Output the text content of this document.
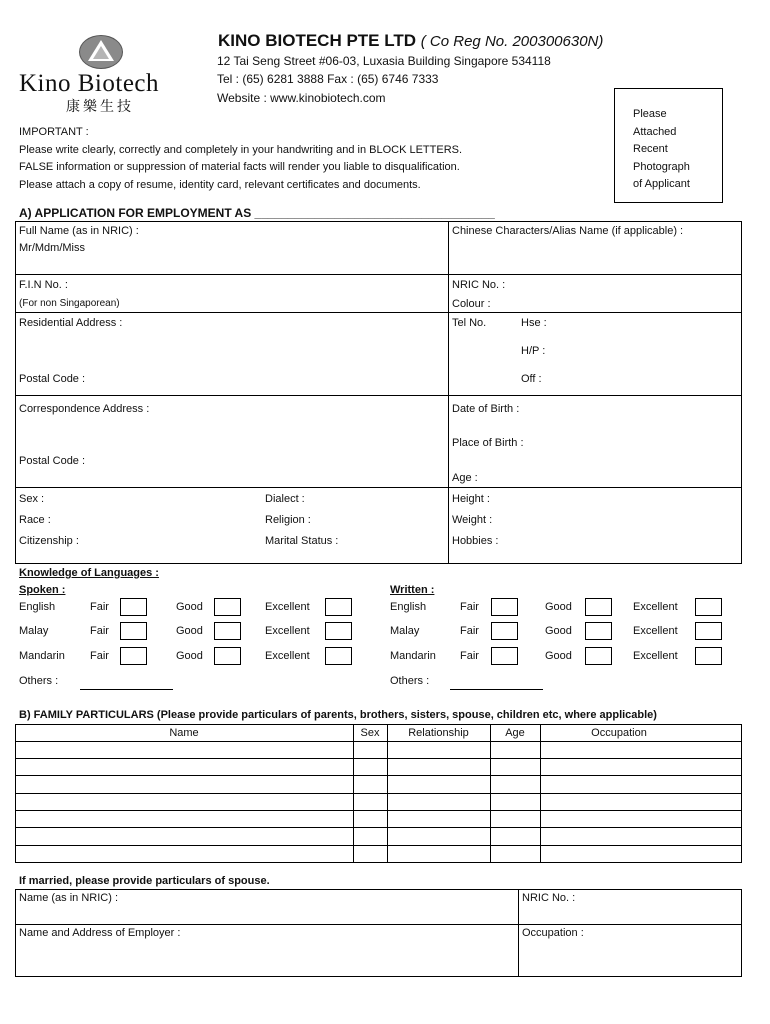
Kino Biotech
康樂生技
KINO BIOTECH PTE LTD ( Co Reg No. 200300630N)
12 Tai Seng Street #06-03, Luxasia Building Singapore 534118
Tel : (65) 6281 3888 Fax : (65) 6746 7333
Website : www.kinobiotech.com
Please
Attached
Recent
Photograph
of Applicant
IMPORTANT :
Please write clearly, correctly and completely in your handwriting and in BLOCK LETTERS.
FALSE information or suppression of material facts will render you liable to disqualification.
Please attach a copy of resume, identity card, relevant certificates and documents.
A) APPLICATION FOR EMPLOYMENT AS ____________________________________
Full Name (as in NRIC) :
Mr/Mdm/Miss
Chinese Characters/Alias Name (if applicable) :
F.I.N No. :
(For non Singaporean)
NRIC No. :
Colour :
Residential Address :	Tel No.	Hse :
H/P :
Postal Code :	Off :
Correspondence Address :	Date of Birth :
Place of Birth :
Postal Code :
Age :
Sex :	Dialect :	Height :
Race :	Religion :	Weight :
Citizenship :	Marital Status :	Hobbies :
Knowledge of Languages :
Spoken :	Written :
English	Fair	Good	Excellent
Malay	Fair	Good	Excellent
Mandarin Fair	Good	Excellent
Others :
English	Fair	Good	Excellent
Malay	Fair	Good	Excellent
Mandarin Fair	Good	Excellent
Others :
B) FAMILY PARTICULARS (Please provide particulars of parents, brothers, sisters, spouse, children etc, where applicable)
Name	Sex	Relationship	Age	Occupation
If married, please provide particulars of spouse.
Name (as in NRIC) :	NRIC No. :
Name and Address of Employer :	Occupation :
